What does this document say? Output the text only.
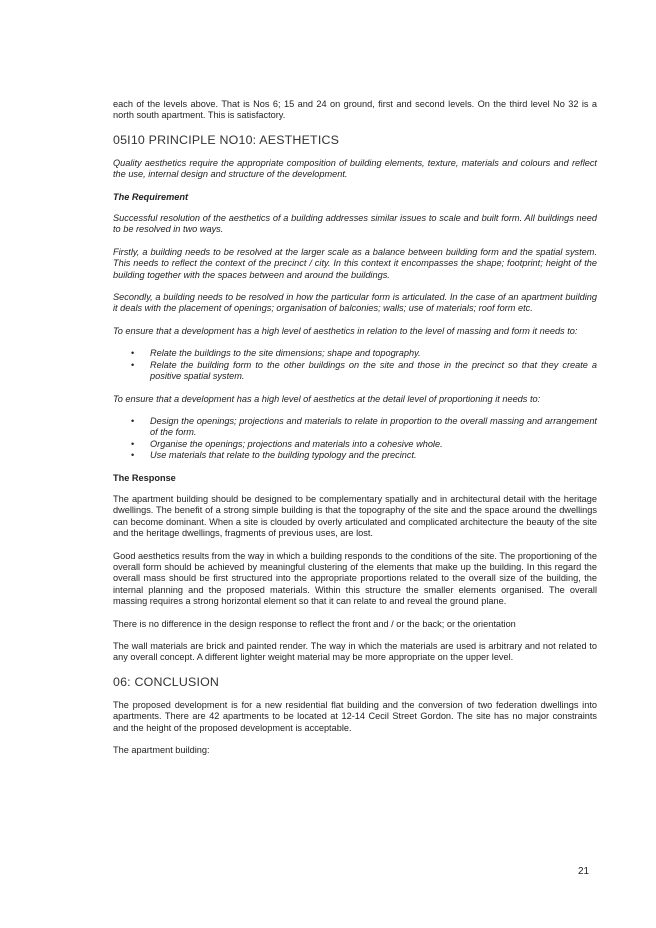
each of the levels above. That is Nos 6; 15 and 24 on ground, first and second levels. On the third level No 32 is a north south apartment. This is satisfactory.

05I10 PRINCIPLE NO10: AESTHETICS

Quality aesthetics require the appropriate composition of building elements, texture, materials and colours and reflect the use, internal design and structure of the development.

The Requirement

Successful resolution of the aesthetics of a building addresses similar issues to scale and built form. All buildings need to be resolved in two ways.

Firstly, a building needs to be resolved at the larger scale as a balance between building form and the spatial system. This needs to reflect the context of the precinct / city. In this context it encompasses the shape; footprint; height of the building together with the spaces between and around the buildings.

Secondly, a building needs to be resolved in how the particular form is articulated. In the case of an apartment building it deals with the placement of openings; organisation of balconies; walls; use of materials; roof form etc.

To ensure that a development has a high level of aesthetics in relation to the level of massing and form it needs to:

• Relate the buildings to the site dimensions; shape and topography.
• Relate the building form to the other buildings on the site and those in the precinct so that they create a positive spatial system.

To ensure that a development has a high level of aesthetics at the detail level of proportioning it needs to:

• Design the openings; projections and materials to relate in proportion to the overall massing and arrangement of the form.
• Organise the openings; projections and materials into a cohesive whole.
• Use materials that relate to the building typology and the precinct.

The Response

The apartment building should be designed to be complementary spatially and in architectural detail with the heritage dwellings. The benefit of a strong simple building is that the topography of the site and the space around the dwellings can become dominant. When a site is clouded by overly articulated and complicated architecture the beauty of the site and the heritage dwellings, fragments of previous uses, are lost.

Good aesthetics results from the way in which a building responds to the conditions of the site. The proportioning of the overall form should be achieved by meaningful clustering of the elements that make up the building. In this regard the overall mass should be first structured into the appropriate proportions related to the overall size of the building, the internal planning and the proposed materials. Within this structure the smaller elements organised. The overall massing requires a strong horizontal element so that it can relate to and reveal the ground plane.

There is no difference in the design response to reflect the front and / or the back; or the orientation

The wall materials are brick and painted render. The way in which the materials are used is arbitrary and not related to any overall concept. A different lighter weight material may be more appropriate on the upper level.

06: CONCLUSION

The proposed development is for a new residential flat building and the conversion of two federation dwellings into apartments. There are 42 apartments to be located at 12-14 Cecil Street Gordon. The site has no major constraints and the height of the proposed development is acceptable.

The apartment building:

21
